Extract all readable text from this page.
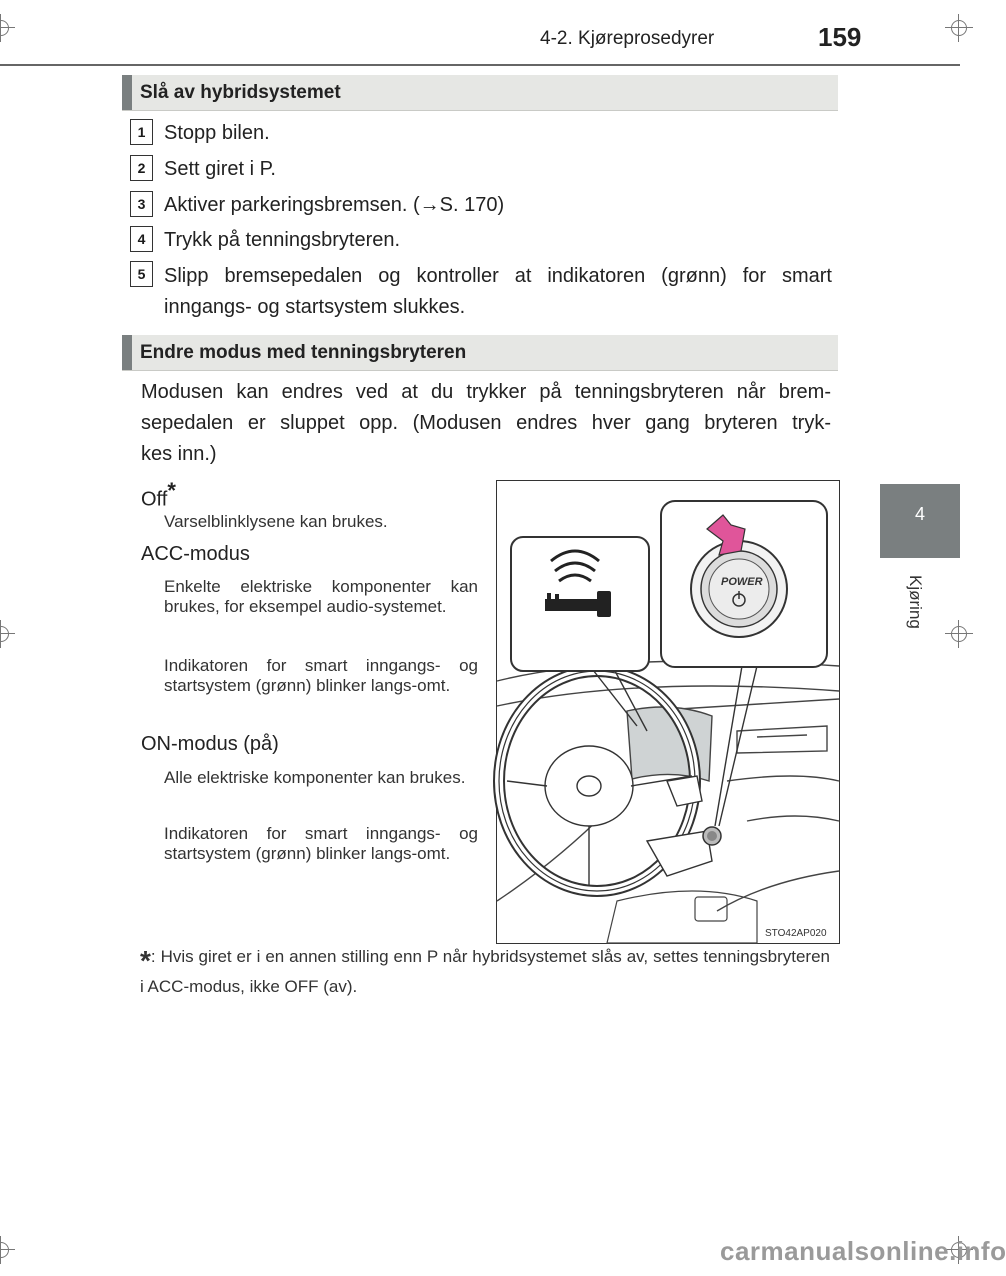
4-2. Kjøreprosedyrer	159
4
Kjøring
Slå av hybridsystemet
1 Stopp bilen.
2 Sett giret i P.
3 Aktiver parkeringsbremsen. (→S. 170)
4 Trykk på tenningsbryteren.
5 Slipp bremsepedalen og kontroller at indikatoren (grønn) for smart
inngangs- og startsystem slukkes.
Endre modus med tenningsbryteren
Modusen kan endres ved at du trykker på tenningsbryteren når brem-
sepedalen er sluppet opp. (Modusen endres hver gang bryteren tryk-
kes inn.)
Off*
Varselblinklysene kan brukes.
ACC-modus
Enkelte elektriske komponenter kan brukes, for eksempel audio-systemet.
Indikatoren for smart inngangs- og startsystem (grønn) blinker langs-omt.
ON-modus (på)
Alle elektriske komponenter kan brukes.
Indikatoren for smart inngangs- og startsystem (grønn) blinker langs-omt.
POWER
STO42AP020
*: Hvis giret er i en annen stilling enn P når hybridsystemet slås av, settes tenningsbryteren i ACC-modus, ikke OFF (av).
carmanualsonline.info
